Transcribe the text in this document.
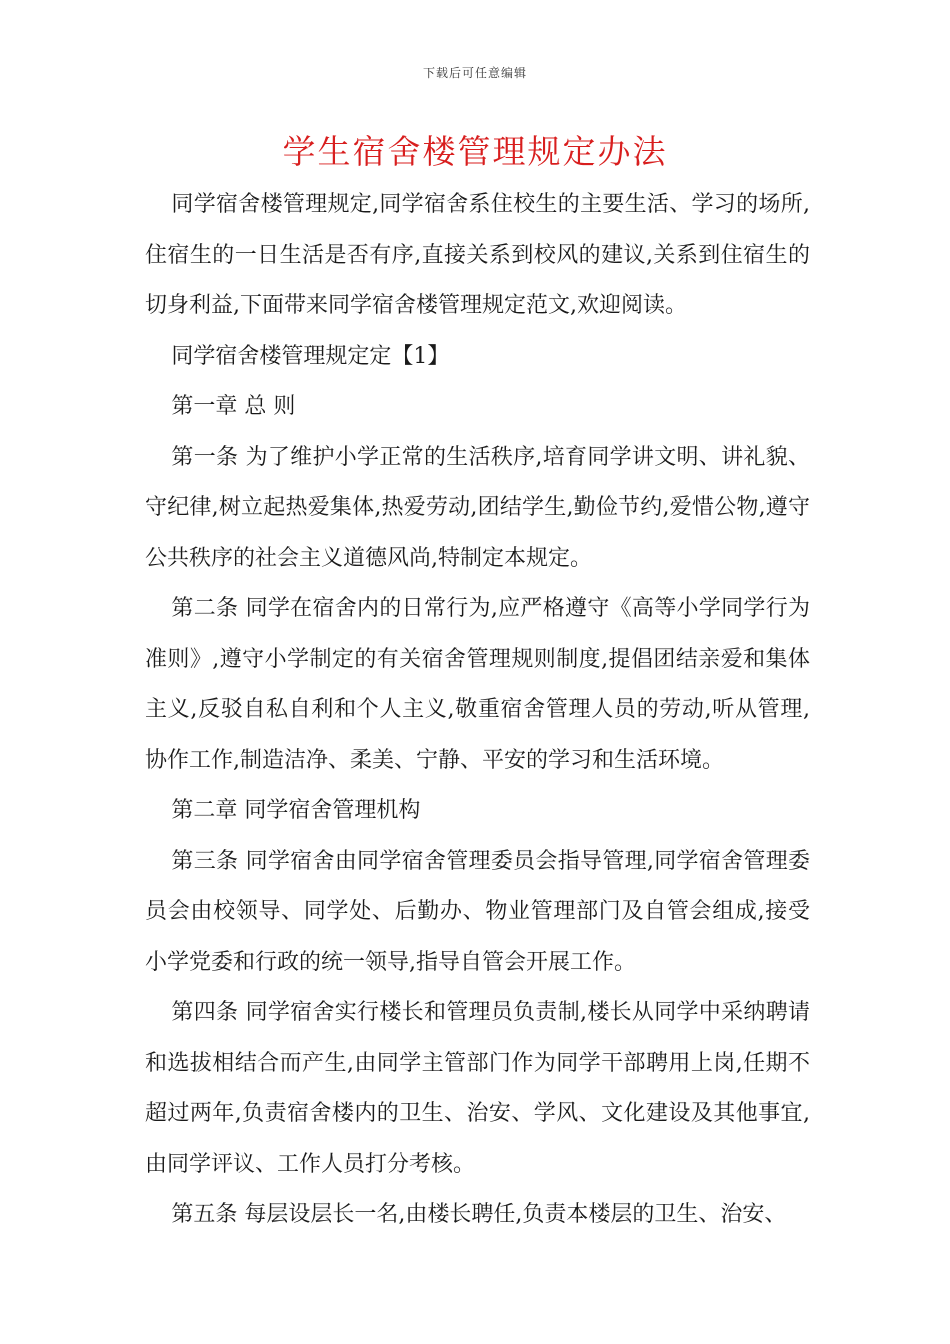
下载后可任意编辑
学生宿舍楼管理规定办法

同学宿舍楼管理规定,同学宿舍系住校生的主要生活、学习的场所,住宿生的一日生活是否有序,直接关系到校风的建议,关系到住宿生的切身利益,下面带来同学宿舍楼管理规定范文,欢迎阅读。

同学宿舍楼管理规定定【1】

第一章 总 则

第一条 为了维护小学正常的生活秩序,培育同学讲文明、讲礼貌、守纪律,树立起热爱集体,热爱劳动,团结学生,勤俭节约,爱惜公物,遵守公共秩序的社会主义道德风尚,特制定本规定。

第二条 同学在宿舍内的日常行为,应严格遵守《高等小学同学行为准则》,遵守小学制定的有关宿舍管理规则制度,提倡团结亲爱和集体主义,反驳自私自利和个人主义,敬重宿舍管理人员的劳动,听从管理,协作工作,制造洁净、柔美、宁静、平安的学习和生活环境。

第二章 同学宿舍管理机构

第三条 同学宿舍由同学宿舍管理委员会指导管理,同学宿舍管理委员会由校领导、同学处、后勤办、物业管理部门及自管会组成,接受小学党委和行政的统一领导,指导自管会开展工作。

第四条 同学宿舍实行楼长和管理员负责制,楼长从同学中采纳聘请和选拔相结合而产生,由同学主管部门作为同学干部聘用上岗,任期不超过两年,负责宿舍楼内的卫生、治安、学风、文化建设及其他事宜,由同学评议、工作人员打分考核。

第五条 每层设层长一名,由楼长聘任,负责本楼层的卫生、治安、
